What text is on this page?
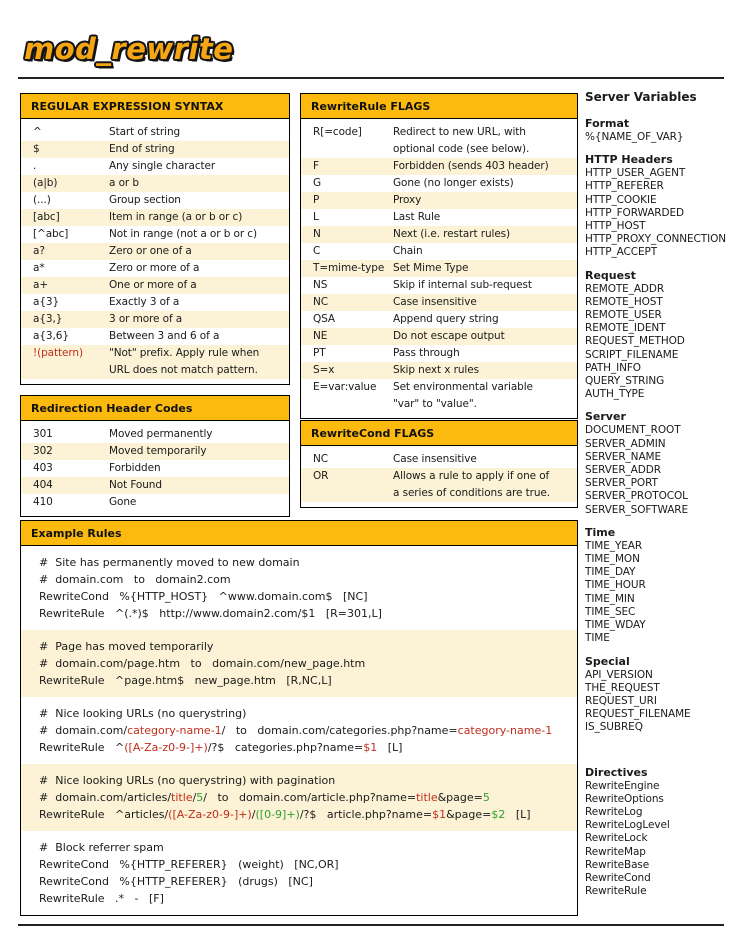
mod_rewrite
REGULAR EXPRESSION SYNTAX
^	Start of string
$	End of string
.	Any single character
(a|b)	a or b
(...)	Group section
[abc]	Item in range (a or b or c)
[^abc]	Not in range (not a or b or c)
a?	Zero or one of a
a*	Zero or more of a
a+	One or more of a
a{3}	Exactly 3 of a
a{3,}	3 or more of a
a{3,6}	Between 3 and 6 of a
!(pattern)	"Not" prefix. Apply rule when
URL does not match pattern.
Redirection Header Codes
301	Moved permanently
302	Moved temporarily
403	Forbidden
404	Not Found
410	Gone
RewriteRule FLAGS
R[=code]	Redirect to new URL, with
optional code (see below).
F	Forbidden (sends 403 header)
G	Gone (no longer exists)
P	Proxy
L	Last Rule
N	Next (i.e. restart rules)
C	Chain
T=mime-type Set Mime Type
NS	Skip if internal sub-request
NC	Case insensitive
QSA	Append query string
NE	Do not escape output
PT	Pass through
S=x	Skip next x rules
E=var:value	Set environmental variable
"var" to "value".
RewriteCond FLAGS
NC	Case insensitive
OR	Allows a rule to apply if one of
a series of conditions are true.
Example Rules
#  Site has permanently moved to new domain
#  domain.com   to   domain2.com
RewriteCond   %{HTTP_HOST}   ^www.domain.com$   [NC]
RewriteRule   ^(.*)$   http://www.domain2.com/$1   [R=301,L]
#  Page has moved temporarily
#  domain.com/page.htm   to   domain.com/new_page.htm
RewriteRule   ^page.htm$   new_page.htm   [R,NC,L]
#  Nice looking URLs (no querystring)
#  domain.com/category-name-1/   to   domain.com/categories.php?name=category-name-1
RewriteRule   ^([A-Za-z0-9-]+)/?$   categories.php?name=$1   [L]
#  Nice looking URLs (no querystring) with pagination
#  domain.com/articles/title/5/   to   domain.com/article.php?name=title&page=5
RewriteRule   ^articles/([A-Za-z0-9-]+)/([0-9]+)/?$   article.php?name=$1&page=$2   [L]
#  Block referrer spam
RewriteCond   %{HTTP_REFERER}   (weight)   [NC,OR]
RewriteCond   %{HTTP_REFERER}   (drugs)   [NC]
RewriteRule   .*   -   [F]
Server Variables
Format
%{NAME_OF_VAR}
HTTP Headers
HTTP_USER_AGENT
HTTP_REFERER
HTTP_COOKIE
HTTP_FORWARDED
HTTP_HOST
HTTP_PROXY_CONNECTION
HTTP_ACCEPT
Request
REMOTE_ADDR
REMOTE_HOST
REMOTE_USER
REMOTE_IDENT
REQUEST_METHOD
SCRIPT_FILENAME
PATH_INFO
QUERY_STRING
AUTH_TYPE
Server
DOCUMENT_ROOT
SERVER_ADMIN
SERVER_NAME
SERVER_ADDR
SERVER_PORT
SERVER_PROTOCOL
SERVER_SOFTWARE
Time
TIME_YEAR
TIME_MON
TIME_DAY
TIME_HOUR
TIME_MIN
TIME_SEC
TIME_WDAY
TIME
Special
API_VERSION
THE_REQUEST
REQUEST_URI
REQUEST_FILENAME
IS_SUBREQ
Directives
RewriteEngine
RewriteOptions
RewriteLog
RewriteLogLevel
RewriteLock
RewriteMap
RewriteBase
RewriteCond
RewriteRule
